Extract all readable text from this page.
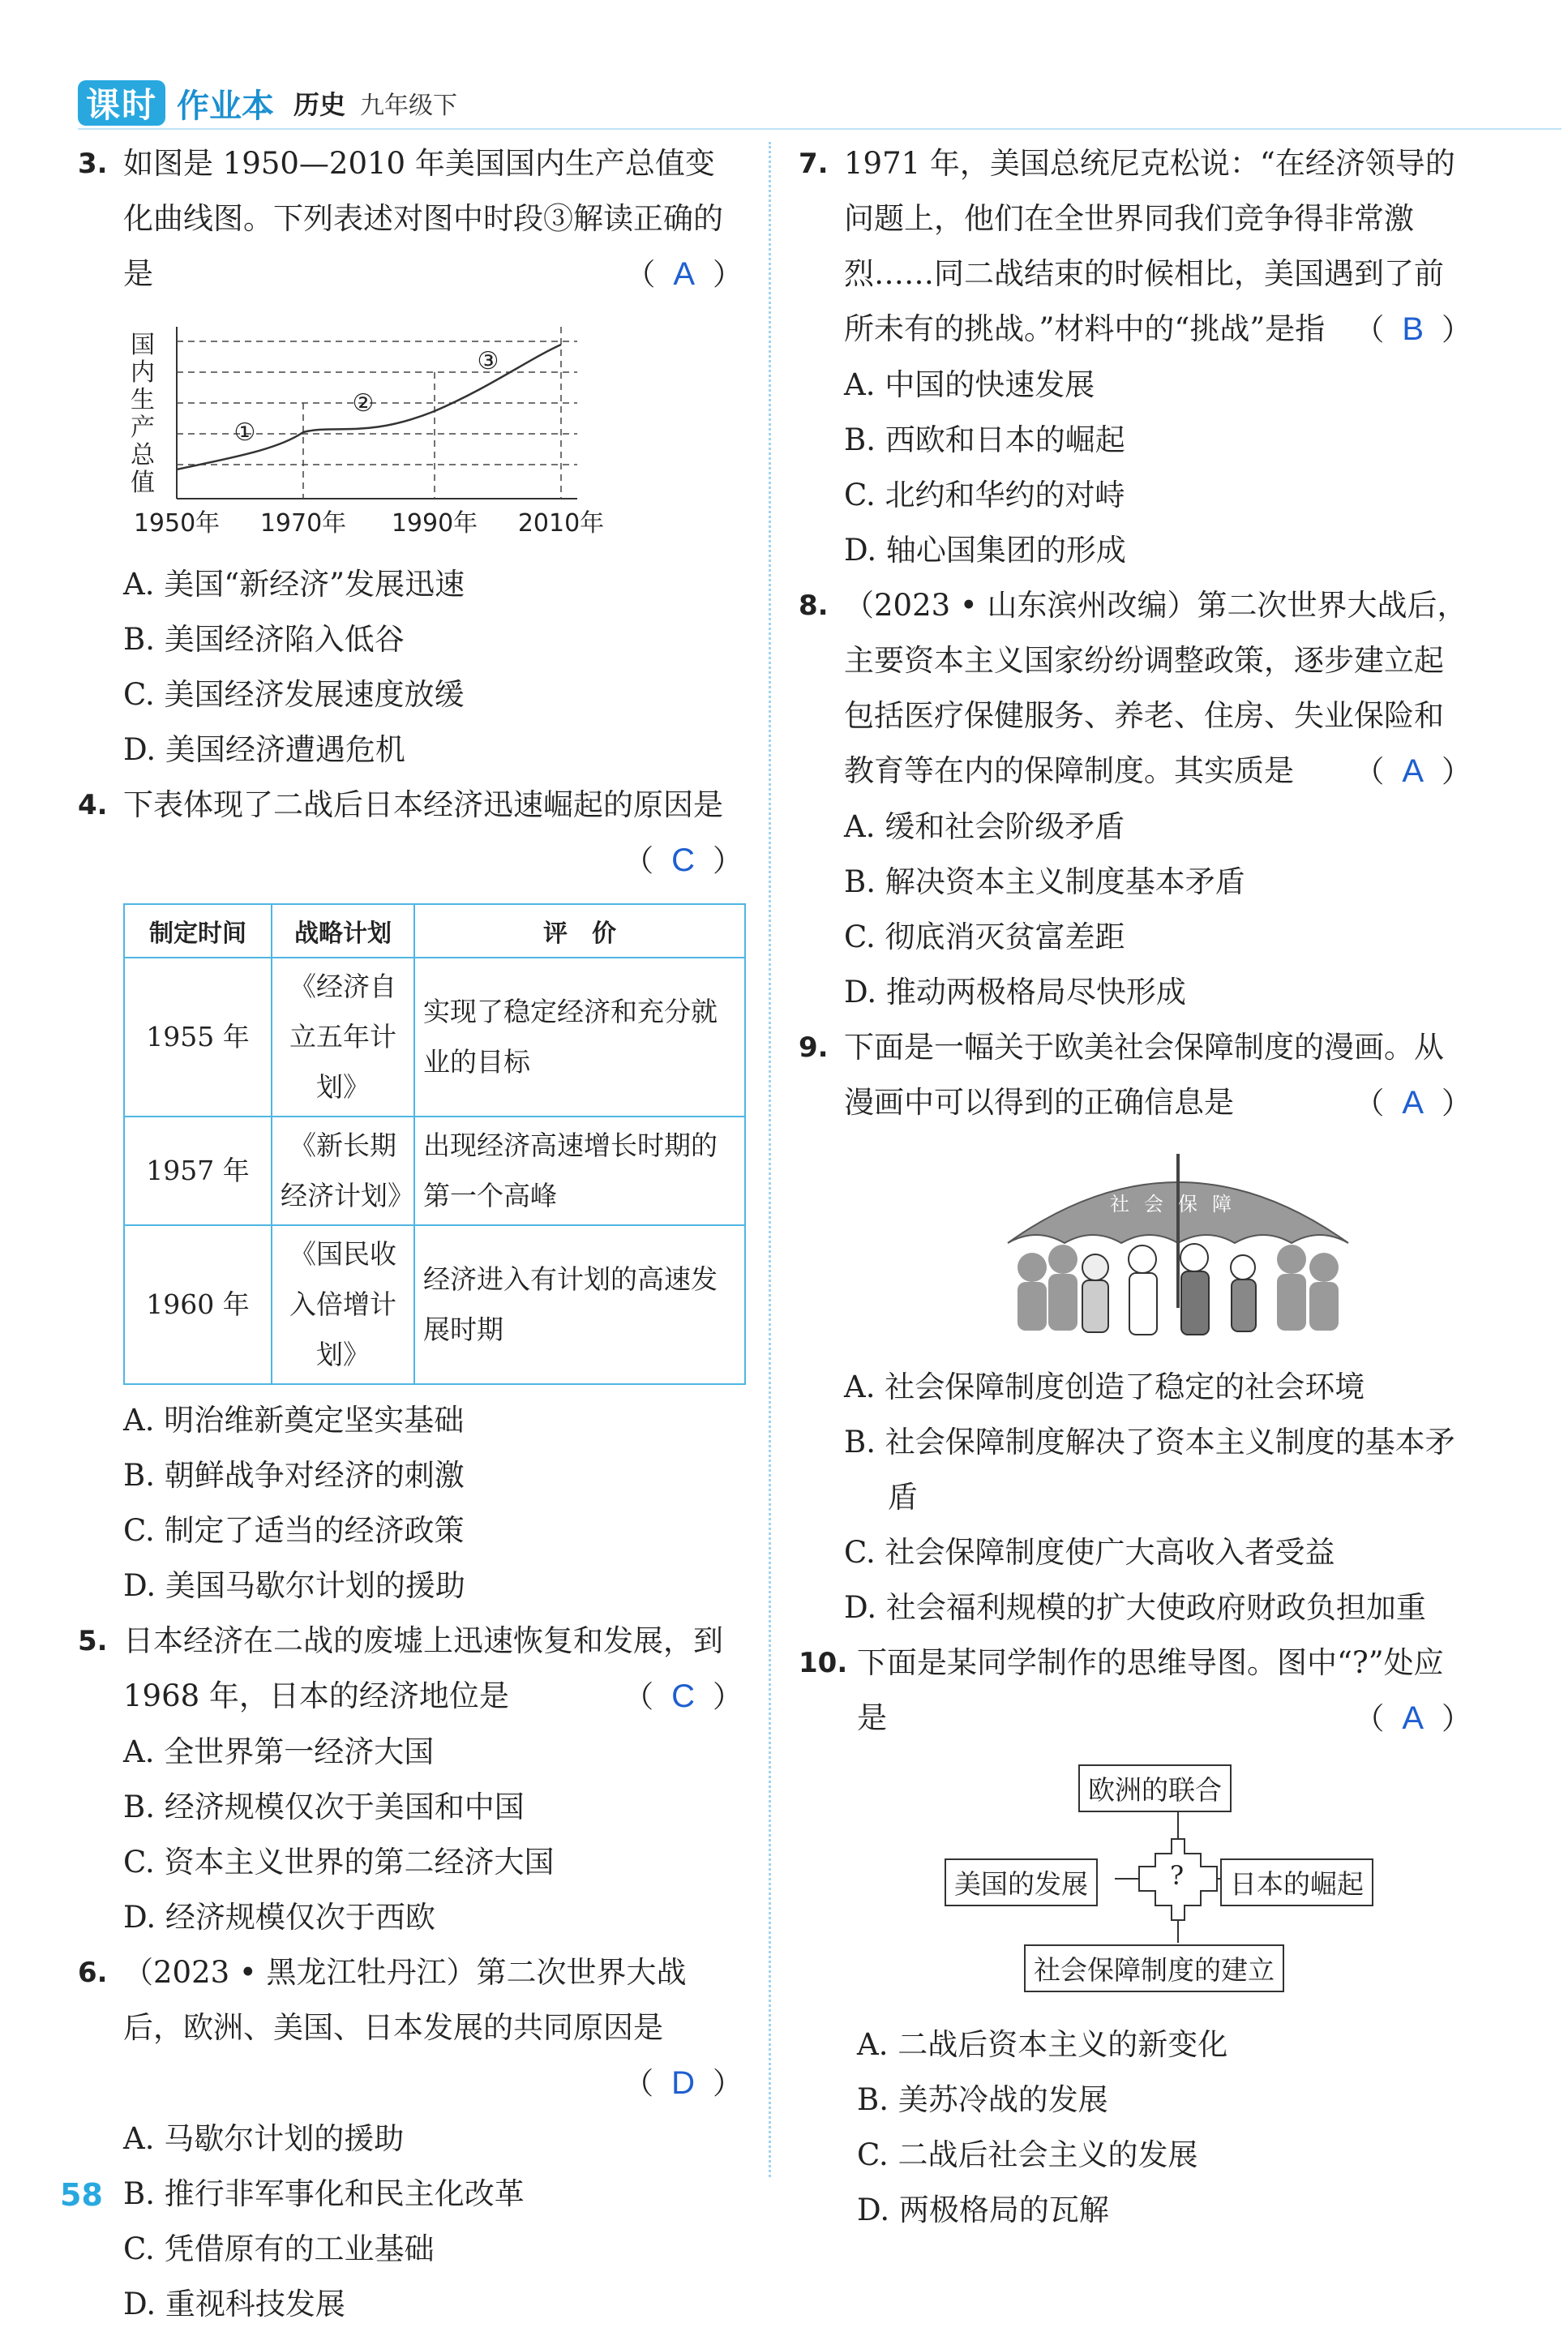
课时 作业本 历史 九年级下
3. 如图是 1950—2010 年美国国内生产总值变化曲线图。下列表述对图中时段③解读正确的是	（ A ）
国内生产总值
①
②
③
1950年 1970年 1990年 2010年
A. 美国“新经济”发展迅速
B. 美国经济陷入低谷
C. 美国经济发展速度放缓
D. 美国经济遭遇危机
4. 下表体现了二战后日本经济迅速崛起的原因是
（ C ）
制定时间	战略计划	评　价
1955 年	《经济自立五年计划》	实现了稳定经济和充分就业的目标
1957 年	《新长期经济计划》	出现经济高速增长时期的第一个高峰
1960 年	《国民收入倍增计划》	经济进入有计划的高速发展时期
A. 明治维新奠定坚实基础
B. 朝鲜战争对经济的刺激
C. 制定了适当的经济政策
D. 美国马歇尔计划的援助
5. 日本经济在二战的废墟上迅速恢复和发展，到 1968 年，日本的经济地位是	（ C ）
A. 全世界第一经济大国
B. 经济规模仅次于美国和中国
C. 资本主义世界的第二经济大国
D. 经济规模仅次于西欧
6. （2023 • 黑龙江牡丹江）第二次世界大战后，欧洲、美国、日本发展的共同原因是
（ D ）
A. 马歇尔计划的援助
B. 推行非军事化和民主化改革
C. 凭借原有的工业基础
D. 重视科技发展
7. 1971 年，美国总统尼克松说：“在经济领导的问题上，他们在全世界同我们竞争得非常激烈……同二战结束的时候相比，美国遇到了前所未有的挑战。”材料中的“挑战”是指 （ B ）
A. 中国的快速发展
B. 西欧和日本的崛起
C. 北约和华约的对峙
D. 轴心国集团的形成
8. （2023 • 山东滨州改编）第二次世界大战后，主要资本主义国家纷纷调整政策，逐步建立起包括医疗保健服务、养老、住房、失业保险和教育等在内的保障制度。其实质是 （ A ）
A. 缓和社会阶级矛盾
B. 解决资本主义制度基本矛盾
C. 彻底消灭贫富差距
D. 推动两极格局尽快形成
9. 下面是一幅关于欧美社会保障制度的漫画。从漫画中可以得到的正确信息是	（ A ）
社会保障
A. 社会保障制度创造了稳定的社会环境
B. 社会保障制度解决了资本主义制度的基本矛盾
C. 社会保障制度使广大高收入者受益
D. 社会福利规模的扩大使政府财政负担加重
10. 下面是某同学制作的思维导图。图中“?”处应是	（ A ）
欧洲的联合
美国的发展	?	日本的崛起
社会保障制度的建立
A. 二战后资本主义的新变化
B. 美苏冷战的发展
C. 二战后社会主义的发展
D. 两极格局的瓦解
58
